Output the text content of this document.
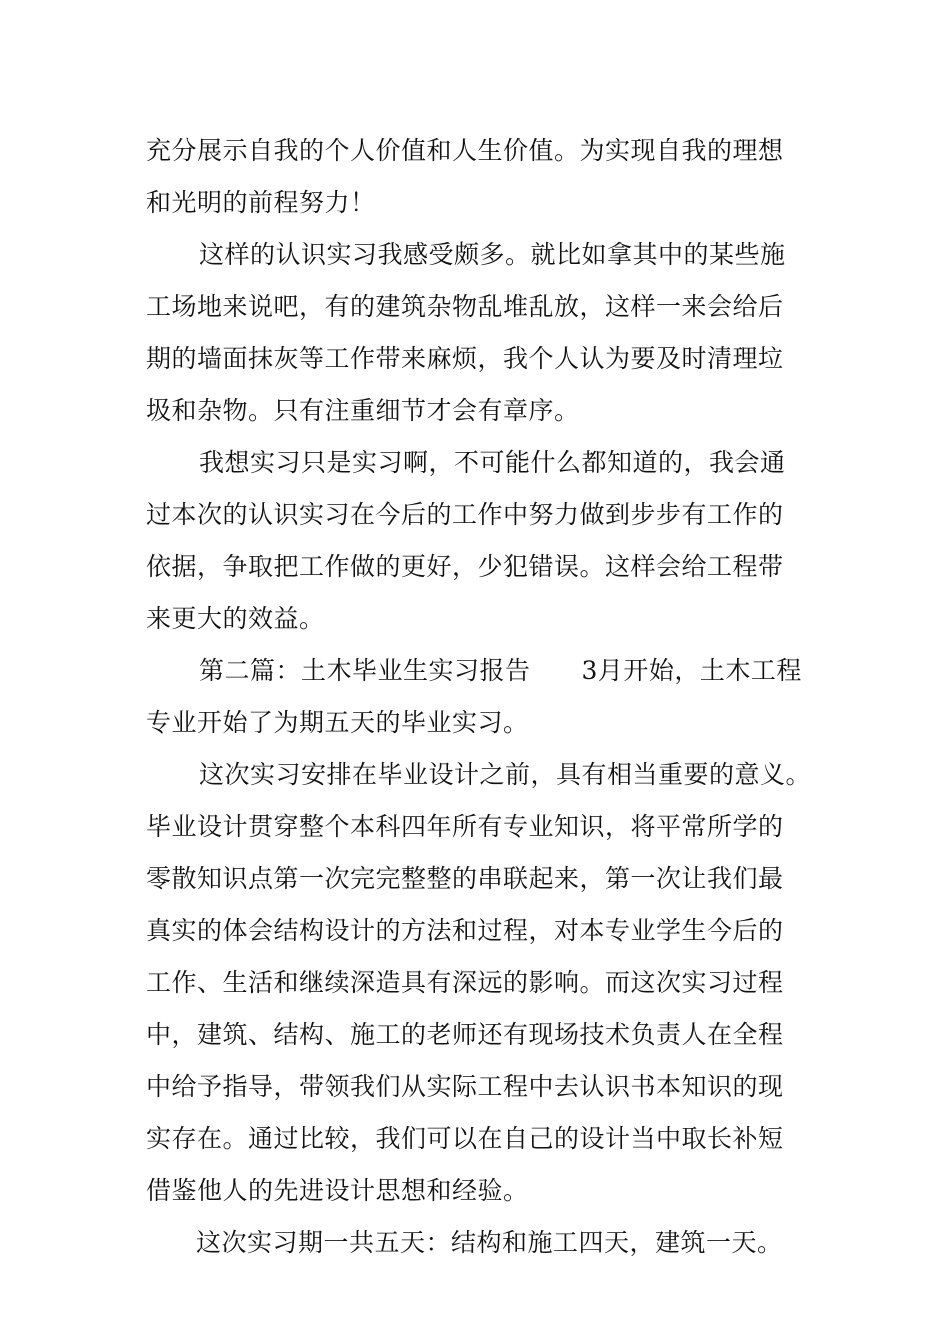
充分展示自我的个人价值和人生价值。为实现自我的理想
和光明的前程努力！
这样的认识实习我感受颇多。就比如拿其中的某些施
工场地来说吧，有的建筑杂物乱堆乱放，这样一来会给后
期的墙面抹灰等工作带来麻烦，我个人认为要及时清理垃
圾和杂物。只有注重细节才会有章序。
我想实习只是实习啊，不可能什么都知道的，我会通
过本次的认识实习在今后的工作中努力做到步步有工作的
依据，争取把工作做的更好，少犯错误。这样会给工程带
来更大的效益。
第二篇：土木毕业生实习报告　　3月开始，土木工程
专业开始了为期五天的毕业实习。
这次实习安排在毕业设计之前，具有相当重要的意义。
毕业设计贯穿整个本科四年所有专业知识，将平常所学的
零散知识点第一次完完整整的串联起来，第一次让我们最
真实的体会结构设计的方法和过程，对本专业学生今后的
工作、生活和继续深造具有深远的影响。而这次实习过程
中，建筑、结构、施工的老师还有现场技术负责人在全程
中给予指导，带领我们从实际工程中去认识书本知识的现
实存在。通过比较，我们可以在自己的设计当中取长补短
借鉴他人的先进设计思想和经验。
这次实习期一共五天：结构和施工四天，建筑一天。
